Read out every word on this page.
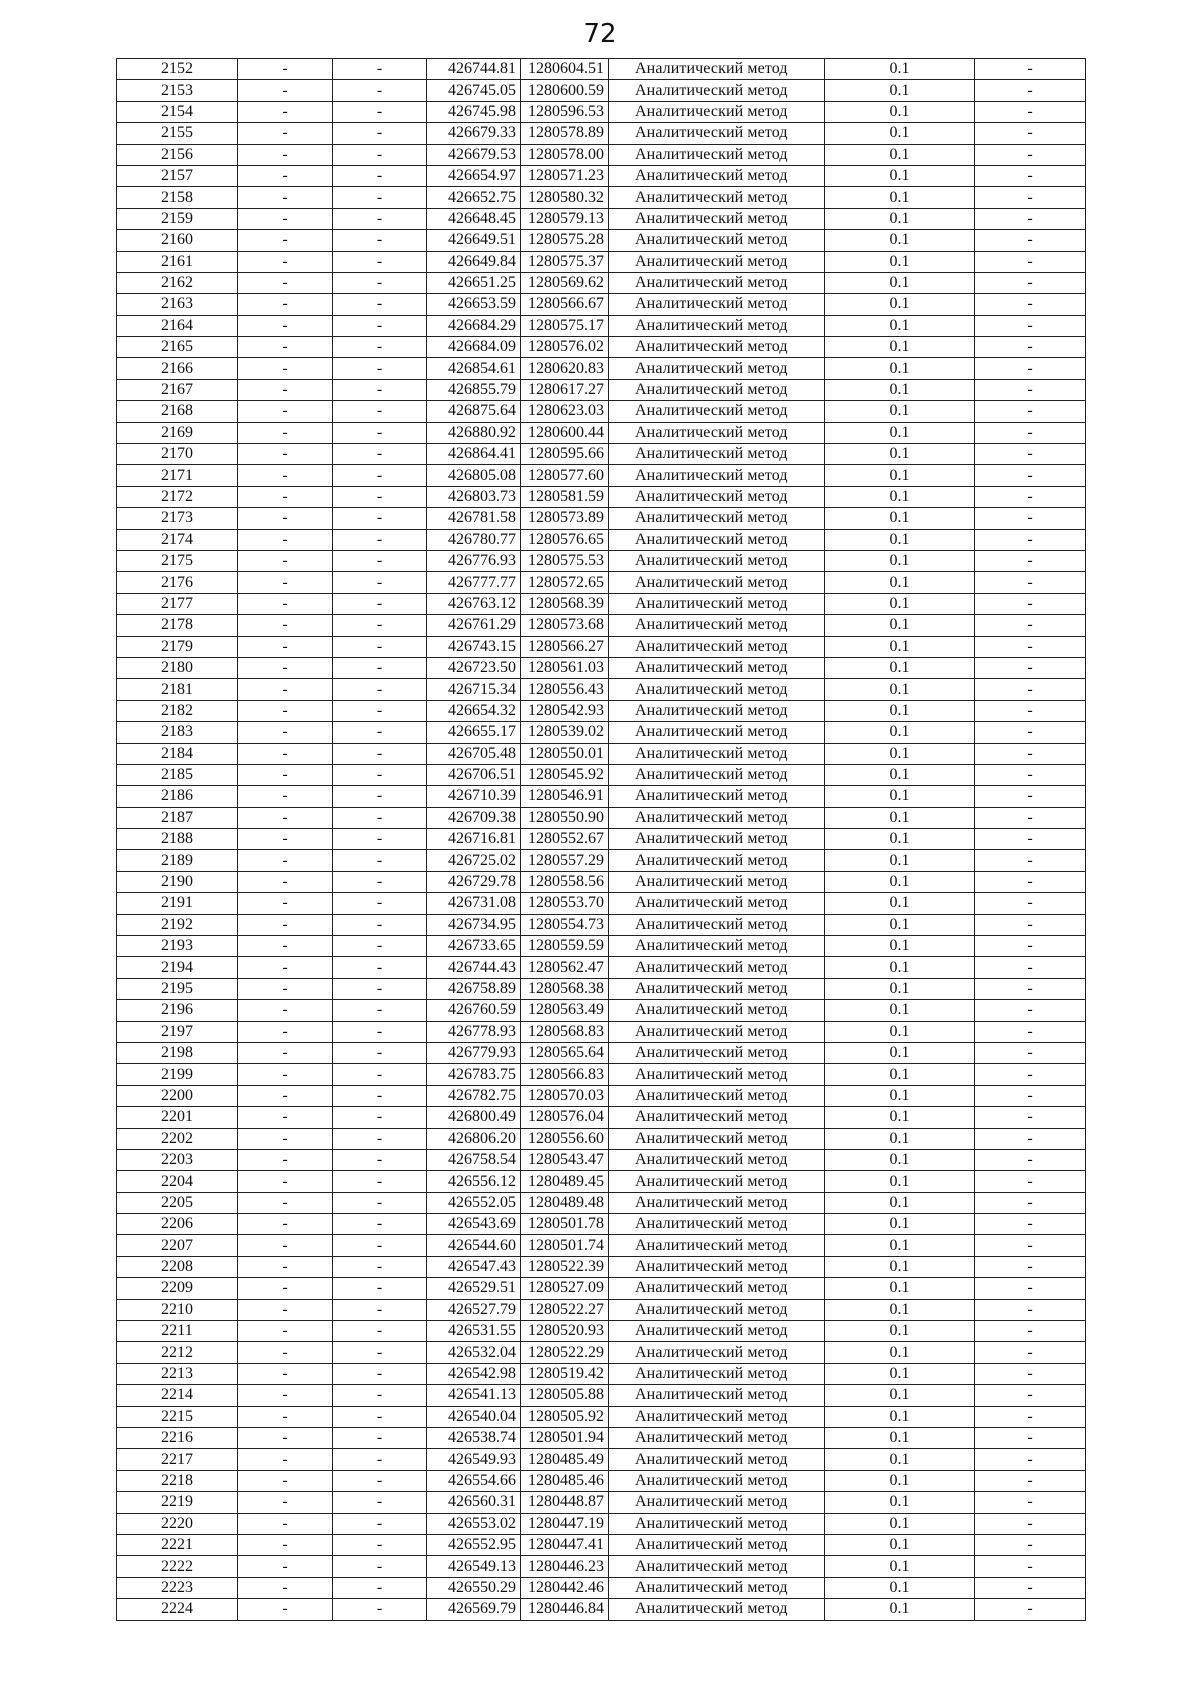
72
2152	-	-	426744.81	1280604.51	Аналитический метод	0.1	-
2153	-	-	426745.05	1280600.59	Аналитический метод	0.1	-
2154	-	-	426745.98	1280596.53	Аналитический метод	0.1	-
2155	-	-	426679.33	1280578.89	Аналитический метод	0.1	-
2156	-	-	426679.53	1280578.00	Аналитический метод	0.1	-
2157	-	-	426654.97	1280571.23	Аналитический метод	0.1	-
2158	-	-	426652.75	1280580.32	Аналитический метод	0.1	-
2159	-	-	426648.45	1280579.13	Аналитический метод	0.1	-
2160	-	-	426649.51	1280575.28	Аналитический метод	0.1	-
2161	-	-	426649.84	1280575.37	Аналитический метод	0.1	-
2162	-	-	426651.25	1280569.62	Аналитический метод	0.1	-
2163	-	-	426653.59	1280566.67	Аналитический метод	0.1	-
2164	-	-	426684.29	1280575.17	Аналитический метод	0.1	-
2165	-	-	426684.09	1280576.02	Аналитический метод	0.1	-
2166	-	-	426854.61	1280620.83	Аналитический метод	0.1	-
2167	-	-	426855.79	1280617.27	Аналитический метод	0.1	-
2168	-	-	426875.64	1280623.03	Аналитический метод	0.1	-
2169	-	-	426880.92	1280600.44	Аналитический метод	0.1	-
2170	-	-	426864.41	1280595.66	Аналитический метод	0.1	-
2171	-	-	426805.08	1280577.60	Аналитический метод	0.1	-
2172	-	-	426803.73	1280581.59	Аналитический метод	0.1	-
2173	-	-	426781.58	1280573.89	Аналитический метод	0.1	-
2174	-	-	426780.77	1280576.65	Аналитический метод	0.1	-
2175	-	-	426776.93	1280575.53	Аналитический метод	0.1	-
2176	-	-	426777.77	1280572.65	Аналитический метод	0.1	-
2177	-	-	426763.12	1280568.39	Аналитический метод	0.1	-
2178	-	-	426761.29	1280573.68	Аналитический метод	0.1	-
2179	-	-	426743.15	1280566.27	Аналитический метод	0.1	-
2180	-	-	426723.50	1280561.03	Аналитический метод	0.1	-
2181	-	-	426715.34	1280556.43	Аналитический метод	0.1	-
2182	-	-	426654.32	1280542.93	Аналитический метод	0.1	-
2183	-	-	426655.17	1280539.02	Аналитический метод	0.1	-
2184	-	-	426705.48	1280550.01	Аналитический метод	0.1	-
2185	-	-	426706.51	1280545.92	Аналитический метод	0.1	-
2186	-	-	426710.39	1280546.91	Аналитический метод	0.1	-
2187	-	-	426709.38	1280550.90	Аналитический метод	0.1	-
2188	-	-	426716.81	1280552.67	Аналитический метод	0.1	-
2189	-	-	426725.02	1280557.29	Аналитический метод	0.1	-
2190	-	-	426729.78	1280558.56	Аналитический метод	0.1	-
2191	-	-	426731.08	1280553.70	Аналитический метод	0.1	-
2192	-	-	426734.95	1280554.73	Аналитический метод	0.1	-
2193	-	-	426733.65	1280559.59	Аналитический метод	0.1	-
2194	-	-	426744.43	1280562.47	Аналитический метод	0.1	-
2195	-	-	426758.89	1280568.38	Аналитический метод	0.1	-
2196	-	-	426760.59	1280563.49	Аналитический метод	0.1	-
2197	-	-	426778.93	1280568.83	Аналитический метод	0.1	-
2198	-	-	426779.93	1280565.64	Аналитический метод	0.1	-
2199	-	-	426783.75	1280566.83	Аналитический метод	0.1	-
2200	-	-	426782.75	1280570.03	Аналитический метод	0.1	-
2201	-	-	426800.49	1280576.04	Аналитический метод	0.1	-
2202	-	-	426806.20	1280556.60	Аналитический метод	0.1	-
2203	-	-	426758.54	1280543.47	Аналитический метод	0.1	-
2204	-	-	426556.12	1280489.45	Аналитический метод	0.1	-
2205	-	-	426552.05	1280489.48	Аналитический метод	0.1	-
2206	-	-	426543.69	1280501.78	Аналитический метод	0.1	-
2207	-	-	426544.60	1280501.74	Аналитический метод	0.1	-
2208	-	-	426547.43	1280522.39	Аналитический метод	0.1	-
2209	-	-	426529.51	1280527.09	Аналитический метод	0.1	-
2210	-	-	426527.79	1280522.27	Аналитический метод	0.1	-
2211	-	-	426531.55	1280520.93	Аналитический метод	0.1	-
2212	-	-	426532.04	1280522.29	Аналитический метод	0.1	-
2213	-	-	426542.98	1280519.42	Аналитический метод	0.1	-
2214	-	-	426541.13	1280505.88	Аналитический метод	0.1	-
2215	-	-	426540.04	1280505.92	Аналитический метод	0.1	-
2216	-	-	426538.74	1280501.94	Аналитический метод	0.1	-
2217	-	-	426549.93	1280485.49	Аналитический метод	0.1	-
2218	-	-	426554.66	1280485.46	Аналитический метод	0.1	-
2219	-	-	426560.31	1280448.87	Аналитический метод	0.1	-
2220	-	-	426553.02	1280447.19	Аналитический метод	0.1	-
2221	-	-	426552.95	1280447.41	Аналитический метод	0.1	-
2222	-	-	426549.13	1280446.23	Аналитический метод	0.1	-
2223	-	-	426550.29	1280442.46	Аналитический метод	0.1	-
2224	-	-	426569.79	1280446.84	Аналитический метод	0.1	-
